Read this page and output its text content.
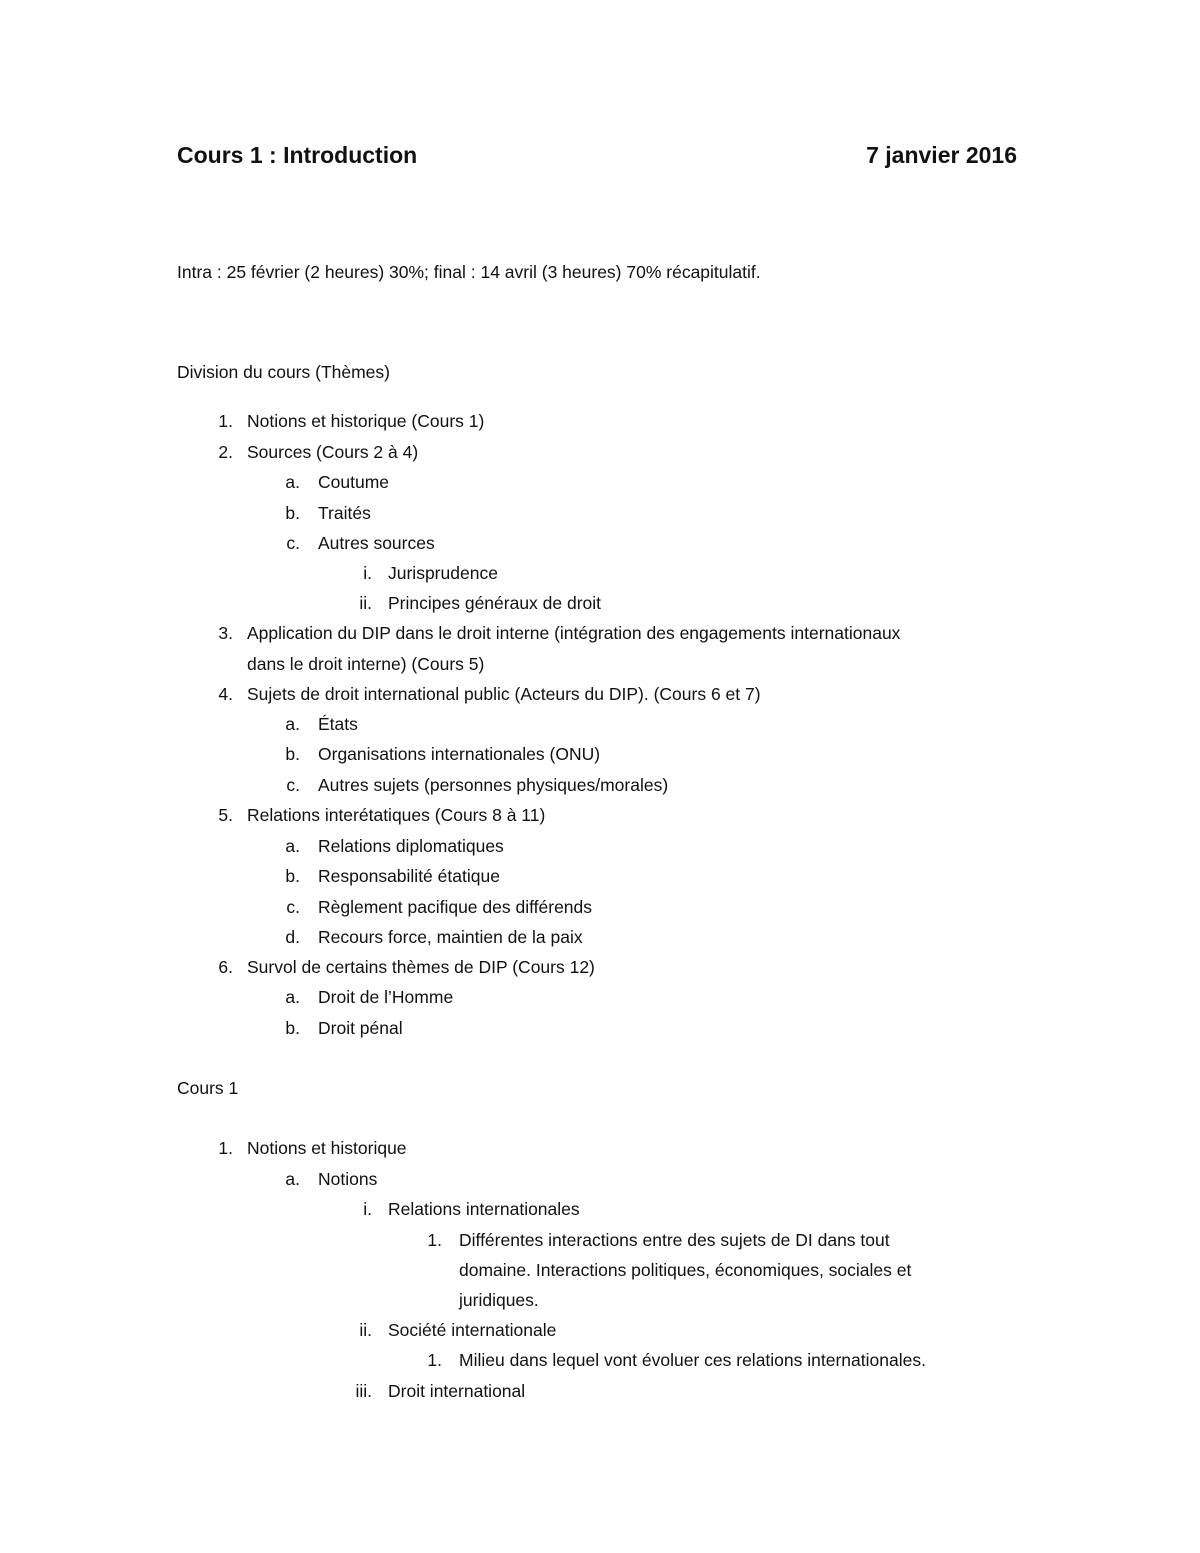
Cours 1 : Introduction	7 janvier 2016
Intra : 25 février (2 heures) 30%; final : 14 avril (3 heures) 70% récapitulatif.
Division du cours (Thèmes)
1. Notions et historique (Cours 1)
2. Sources (Cours 2 à 4)
a. Coutume
b. Traités
c. Autres sources
i. Jurisprudence
ii. Principes généraux de droit
3. Application du DIP dans le droit interne (intégration des engagements internationaux
dans le droit interne) (Cours 5)
4. Sujets de droit international public (Acteurs du DIP). (Cours 6 et 7)
a. États
b. Organisations internationales (ONU)
c. Autres sujets (personnes physiques/morales)
5. Relations interétatiques (Cours 8 à 11)
a. Relations diplomatiques
b. Responsabilité étatique
c. Règlement pacifique des différends
d. Recours force, maintien de la paix
6. Survol de certains thèmes de DIP (Cours 12)
a. Droit de l’Homme
b. Droit pénal
Cours 1
1. Notions et historique
a. Notions
i. Relations internationales
1. Différentes interactions entre des sujets de DI dans tout
domaine. Interactions politiques, économiques, sociales et
juridiques.
ii. Société internationale
1. Milieu dans lequel vont évoluer ces relations internationales.
iii. Droit international
